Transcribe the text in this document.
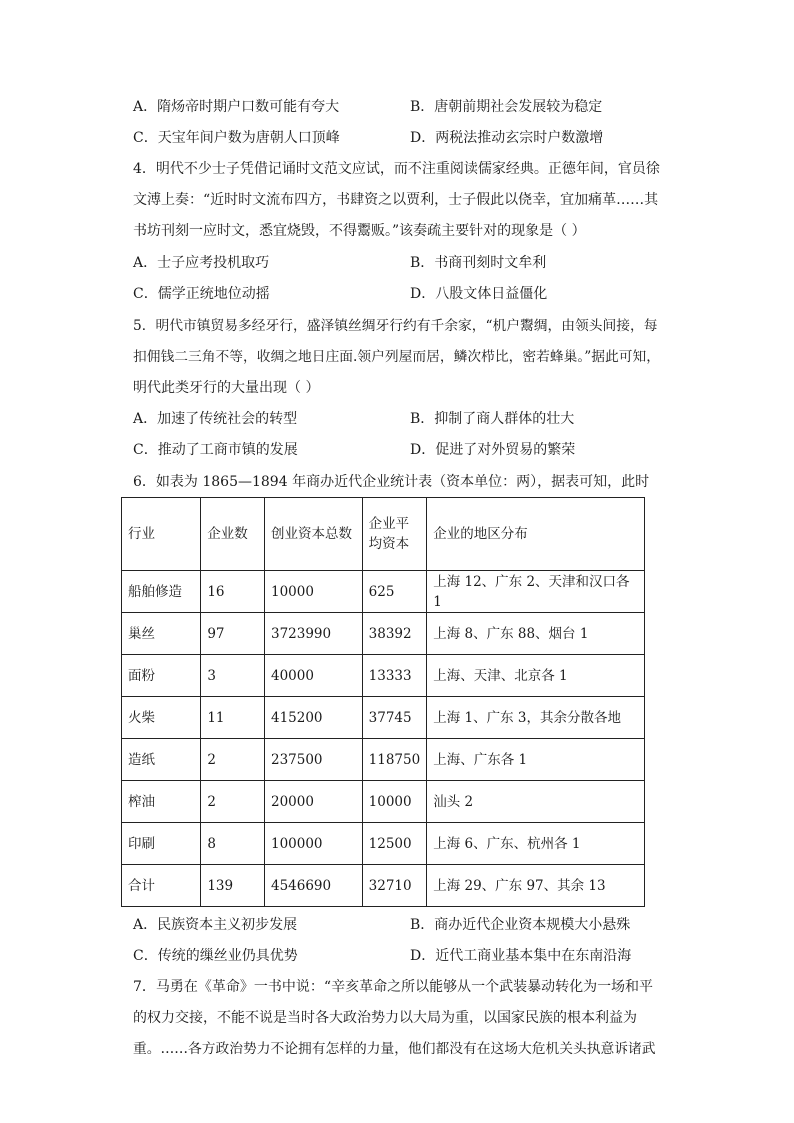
A．隋炀帝时期户口数可能有夸大	B．唐朝前期社会发展较为稳定
C．天宝年间户数为唐朝人口顶峰	D．两税法推动玄宗时户数激增
4．明代不少士子凭借记诵时文范文应试，而不注重阅读儒家经典。正德年间，官员徐
文溥上奏：“近时时文流布四方，书肆资之以贾利，士子假此以侥幸，宜加痛革……其
书坊刊刻一应时文，悉宜烧毁，不得鬻贩。”该奏疏主要针对的现象是（ ）
A．士子应考投机取巧	B．书商刊刻时文牟利
C．儒学正统地位动摇	D．八股文体日益僵化
5．明代市镇贸易多经牙行，盛泽镇丝绸牙行约有千余家，“机户鬻绸，由领头间接，每
扣佣钱二三角不等，收绸之地日庄面.领户列屋而居，鳞次栉比，密若蜂巢。”据此可知，
明代此类牙行的大量出现（ ）
A．加速了传统社会的转型	B．抑制了商人群体的壮大
C．推动了工商市镇的发展	D．促进了对外贸易的繁荣
6．如表为 1865—1894 年商办近代企业统计表（资本单位：两），据表可知，此时
行业	企业数	创业资本总数	企业平均资本	企业的地区分布
船舶修造	16	10000	625	上海 12、广东 2、天津和汉口各 1
巢丝	97	3723990	38392	上海 8、广东 88、烟台 1
面粉	3	40000	13333	上海、天津、北京各 1
火柴	11	415200	37745	上海 1、广东 3，其余分散各地
造纸	2	237500	118750	上海、广东各 1
榨油	2	20000	10000	汕头 2
印刷	8	100000	12500	上海 6、广东、杭州各 1
合计	139	4546690	32710	上海 29、广东 97、其余 13
A．民族资本主义初步发展	B．商办近代企业资本规模大小悬殊
C．传统的缫丝业仍具优势	D．近代工商业基本集中在东南沿海
7．马勇在《革命》一书中说：“辛亥革命之所以能够从一个武装暴动转化为一场和平
的权力交接，不能不说是当时各大政治势力以大局为重，以国家民族的根本利益为
重。……各方政治势力不论拥有怎样的力量，他们都没有在这场大危机关头执意诉诸武
